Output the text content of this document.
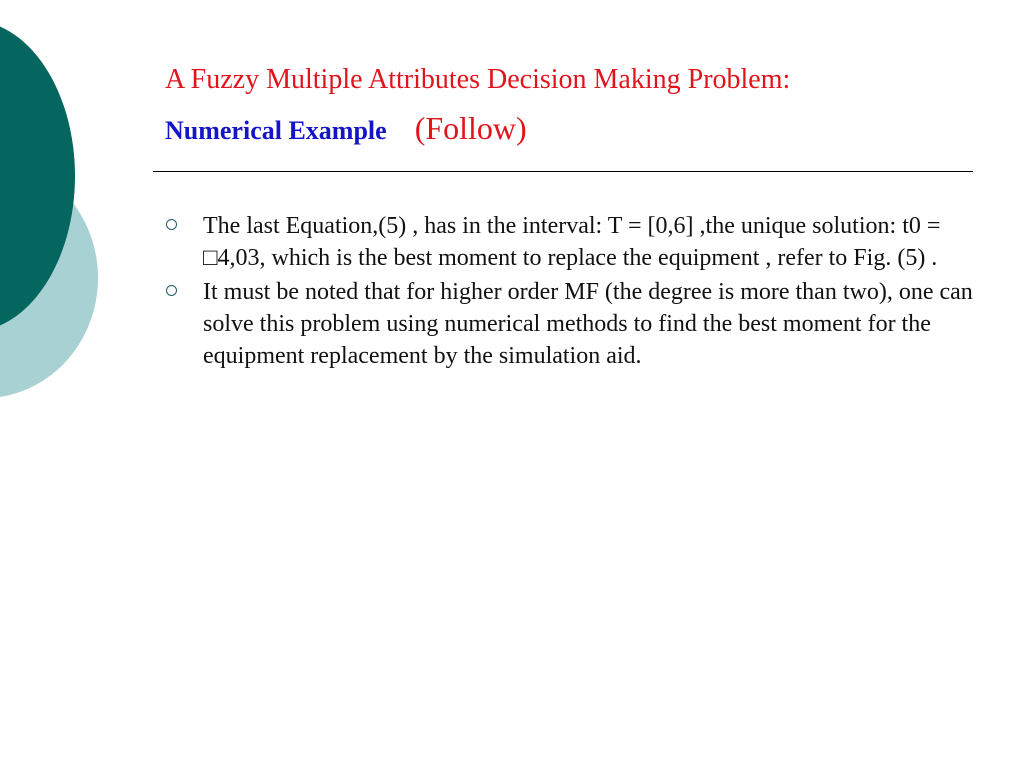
A Fuzzy Multiple Attributes Decision Making Problem:
Numerical Example (Follow)
The last Equation,(5) , has in the interval: T = [0,6] ,the unique solution: t0 = □4,03, which is the best moment to replace the equipment , refer to Fig. (5) .
It must be noted that for higher order MF (the degree is more than two), one can solve this problem using numerical methods to find the best moment for the equipment replacement by the simulation aid.
